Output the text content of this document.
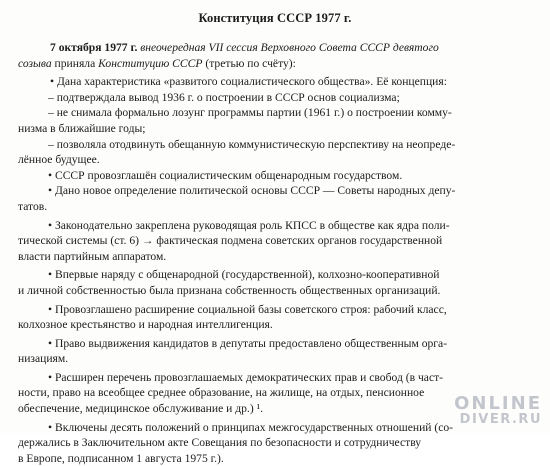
Конституция СССР 1977 г.

7 октября 1977 г. внеочередная VII сессия Верховного Совета СССР девятого

созыва приняла Конституцию СССР (третью по счёту):

• Дана характеристика «развитого социалистического общества». Её концепция:

– подтверждала вывод 1936 г. о построении в СССР основ социализма;

– не снимала формально лозунг программы партии (1961 г.) о построении комму-

низма в ближайшие годы;

– позволяла отодвинуть обещанную коммунистическую перспективу на неопреде-

лённое будущее.

• СССР провозглашён социалистическим общенародным государством.

• Дано новое определение политической основы СССР — Советы народных депу-

татов.

• Законодательно закреплена руководящая роль КПСС в обществе как ядра поли-

тической системы (ст. 6) → фактическая подмена советских органов государственной

власти партийным аппаратом.

• Впервые наряду с общенародной (государственной), колхозно-кооперативной

и личной собственностью была признана собственность общественных организаций.

• Провозглашено расширение социальной базы советского строя: рабочий класс,

колхозное крестьянство и народная интеллигенция.

• Право выдвижения кандидатов в депутаты предоставлено общественным орга-

низациям.

• Расширен перечень провозглашаемых демократических прав и свобод (в част-

ности, право на всеобщее среднее образование, на жилище, на отдых, пенсионное

обеспечение, медицинское обслуживание и др.) ¹.

• Включены десять положений о принципах межгосударственных отношений (со-

держались в Заключительном акте Совещания по безопасности и сотрудничеству

в Европе, подписанном 1 августа 1975 г.).

ONLINE
DIVER.RU
